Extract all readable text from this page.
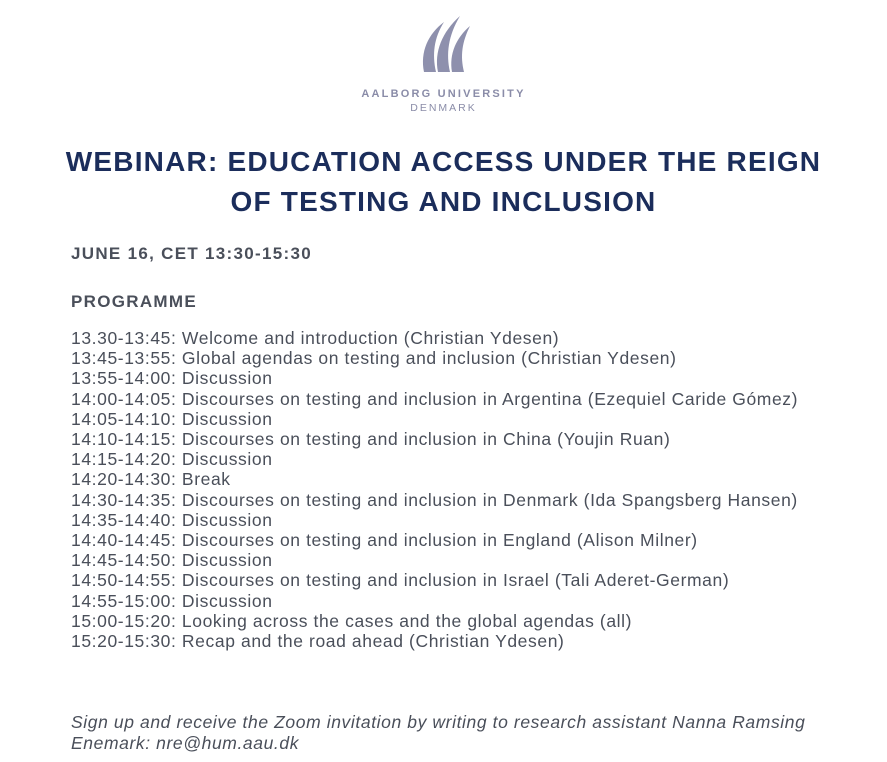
AALBORG UNIVERSITY
DENMARK
WEBINAR: EDUCATION ACCESS UNDER THE REIGN OF TESTING AND INCLUSION

JUNE 16, CET 13:30-15:30

PROGRAMME
13.30-13:45: Welcome and introduction (Christian Ydesen)
13:45-13:55: Global agendas on testing and inclusion (Christian Ydesen)
13:55-14:00: Discussion
14:00-14:05: Discourses on testing and inclusion in Argentina (Ezequiel Caride Gómez)
14:05-14:10: Discussion
14:10-14:15: Discourses on testing and inclusion in China (Youjin Ruan)
14:15-14:20: Discussion
14:20-14:30: Break
14:30-14:35: Discourses on testing and inclusion in Denmark (Ida Spangsberg Hansen)
14:35-14:40: Discussion
14:40-14:45: Discourses on testing and inclusion in England (Alison Milner)
14:45-14:50: Discussion
14:50-14:55: Discourses on testing and inclusion in Israel (Tali Aderet-German)
14:55-15:00: Discussion
15:00-15:20: Looking across the cases and the global agendas (all)
15:20-15:30: Recap and the road ahead (Christian Ydesen)

Sign up and receive the Zoom invitation by writing to research assistant Nanna Ramsing Enemark: nre@hum.aau.dk
